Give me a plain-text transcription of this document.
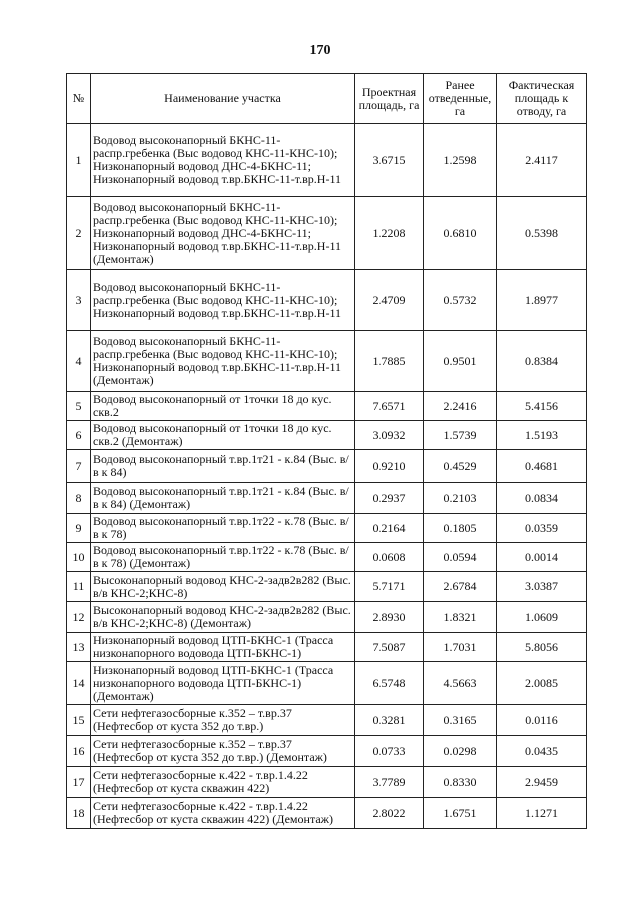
170
№	Наименование участка	Проектная площадь, га	Ранее отведенные, га	Фактическая площадь к отводу, га
1	Водовод высоконапорный БКНС-11-распр.гребенка (Выс водовод КНС-11-КНС-10); Низконапорный водовод ДНС-4-БКНС-11; Низконапорный водовод т.вр.БКНС-11-т.вр.Н-11	3.6715	1.2598	2.4117
2	Водовод высоконапорный БКНС-11-распр.гребенка (Выс водовод КНС-11-КНС-10); Низконапорный водовод ДНС-4-БКНС-11; Низконапорный водовод т.вр.БКНС-11-т.вр.Н-11 (Демонтаж)	1.2208	0.6810	0.5398
3	Водовод высоконапорный БКНС-11-распр.гребенка (Выс водовод КНС-11-КНС-10); Низконапорный водовод т.вр.БКНС-11-т.вр.Н-11	2.4709	0.5732	1.8977
4	Водовод высоконапорный БКНС-11-распр.гребенка (Выс водовод КНС-11-КНС-10); Низконапорный водовод т.вр.БКНС-11-т.вр.Н-11 (Демонтаж)	1.7885	0.9501	0.8384
5	Водовод высоконапорный от 1точки 18 до кус. скв.2	7.6571	2.2416	5.4156
6	Водовод высоконапорный от 1точки 18 до кус. скв.2 (Демонтаж)	3.0932	1.5739	1.5193
7	Водовод высоконапорный т.вр.1т21 - к.84 (Выс. в/в к 84)	0.9210	0.4529	0.4681
8	Водовод высоконапорный т.вр.1т21 - к.84 (Выс. в/в к 84) (Демонтаж)	0.2937	0.2103	0.0834
9	Водовод высоконапорный т.вр.1т22 - к.78 (Выс. в/в к 78)	0.2164	0.1805	0.0359
10	Водовод высоконапорный т.вр.1т22 - к.78 (Выс. в/в к 78) (Демонтаж)	0.0608	0.0594	0.0014
11	Высоконапорный водовод КНС-2-задв2в282 (Выс. в/в КНС-2;КНС-8)	5.7171	2.6784	3.0387
12	Высоконапорный водовод КНС-2-задв2в282 (Выс. в/в КНС-2;КНС-8) (Демонтаж)	2.8930	1.8321	1.0609
13	Низконапорный водовод ЦТП-БКНС-1 (Трасса низконапорного водовода ЦТП-БКНС-1)	7.5087	1.7031	5.8056
14	Низконапорный водовод ЦТП-БКНС-1 (Трасса низконапорного водовода ЦТП-БКНС-1) (Демонтаж)	6.5748	4.5663	2.0085
15	Сети нефтегазосборные к.352 – т.вр.37 (Нефтесбор от куста 352 до т.вр.)	0.3281	0.3165	0.0116
16	Сети нефтегазосборные к.352 – т.вр.37 (Нефтесбор от куста 352 до т.вр.) (Демонтаж)	0.0733	0.0298	0.0435
17	Сети нефтегазосборные к.422 - т.вр.1.4.22 (Нефтесбор от куста скважин 422)	3.7789	0.8330	2.9459
18	Сети нефтегазосборные к.422 - т.вр.1.4.22 (Нефтесбор от куста скважин 422) (Демонтаж)	2.8022	1.6751	1.1271
